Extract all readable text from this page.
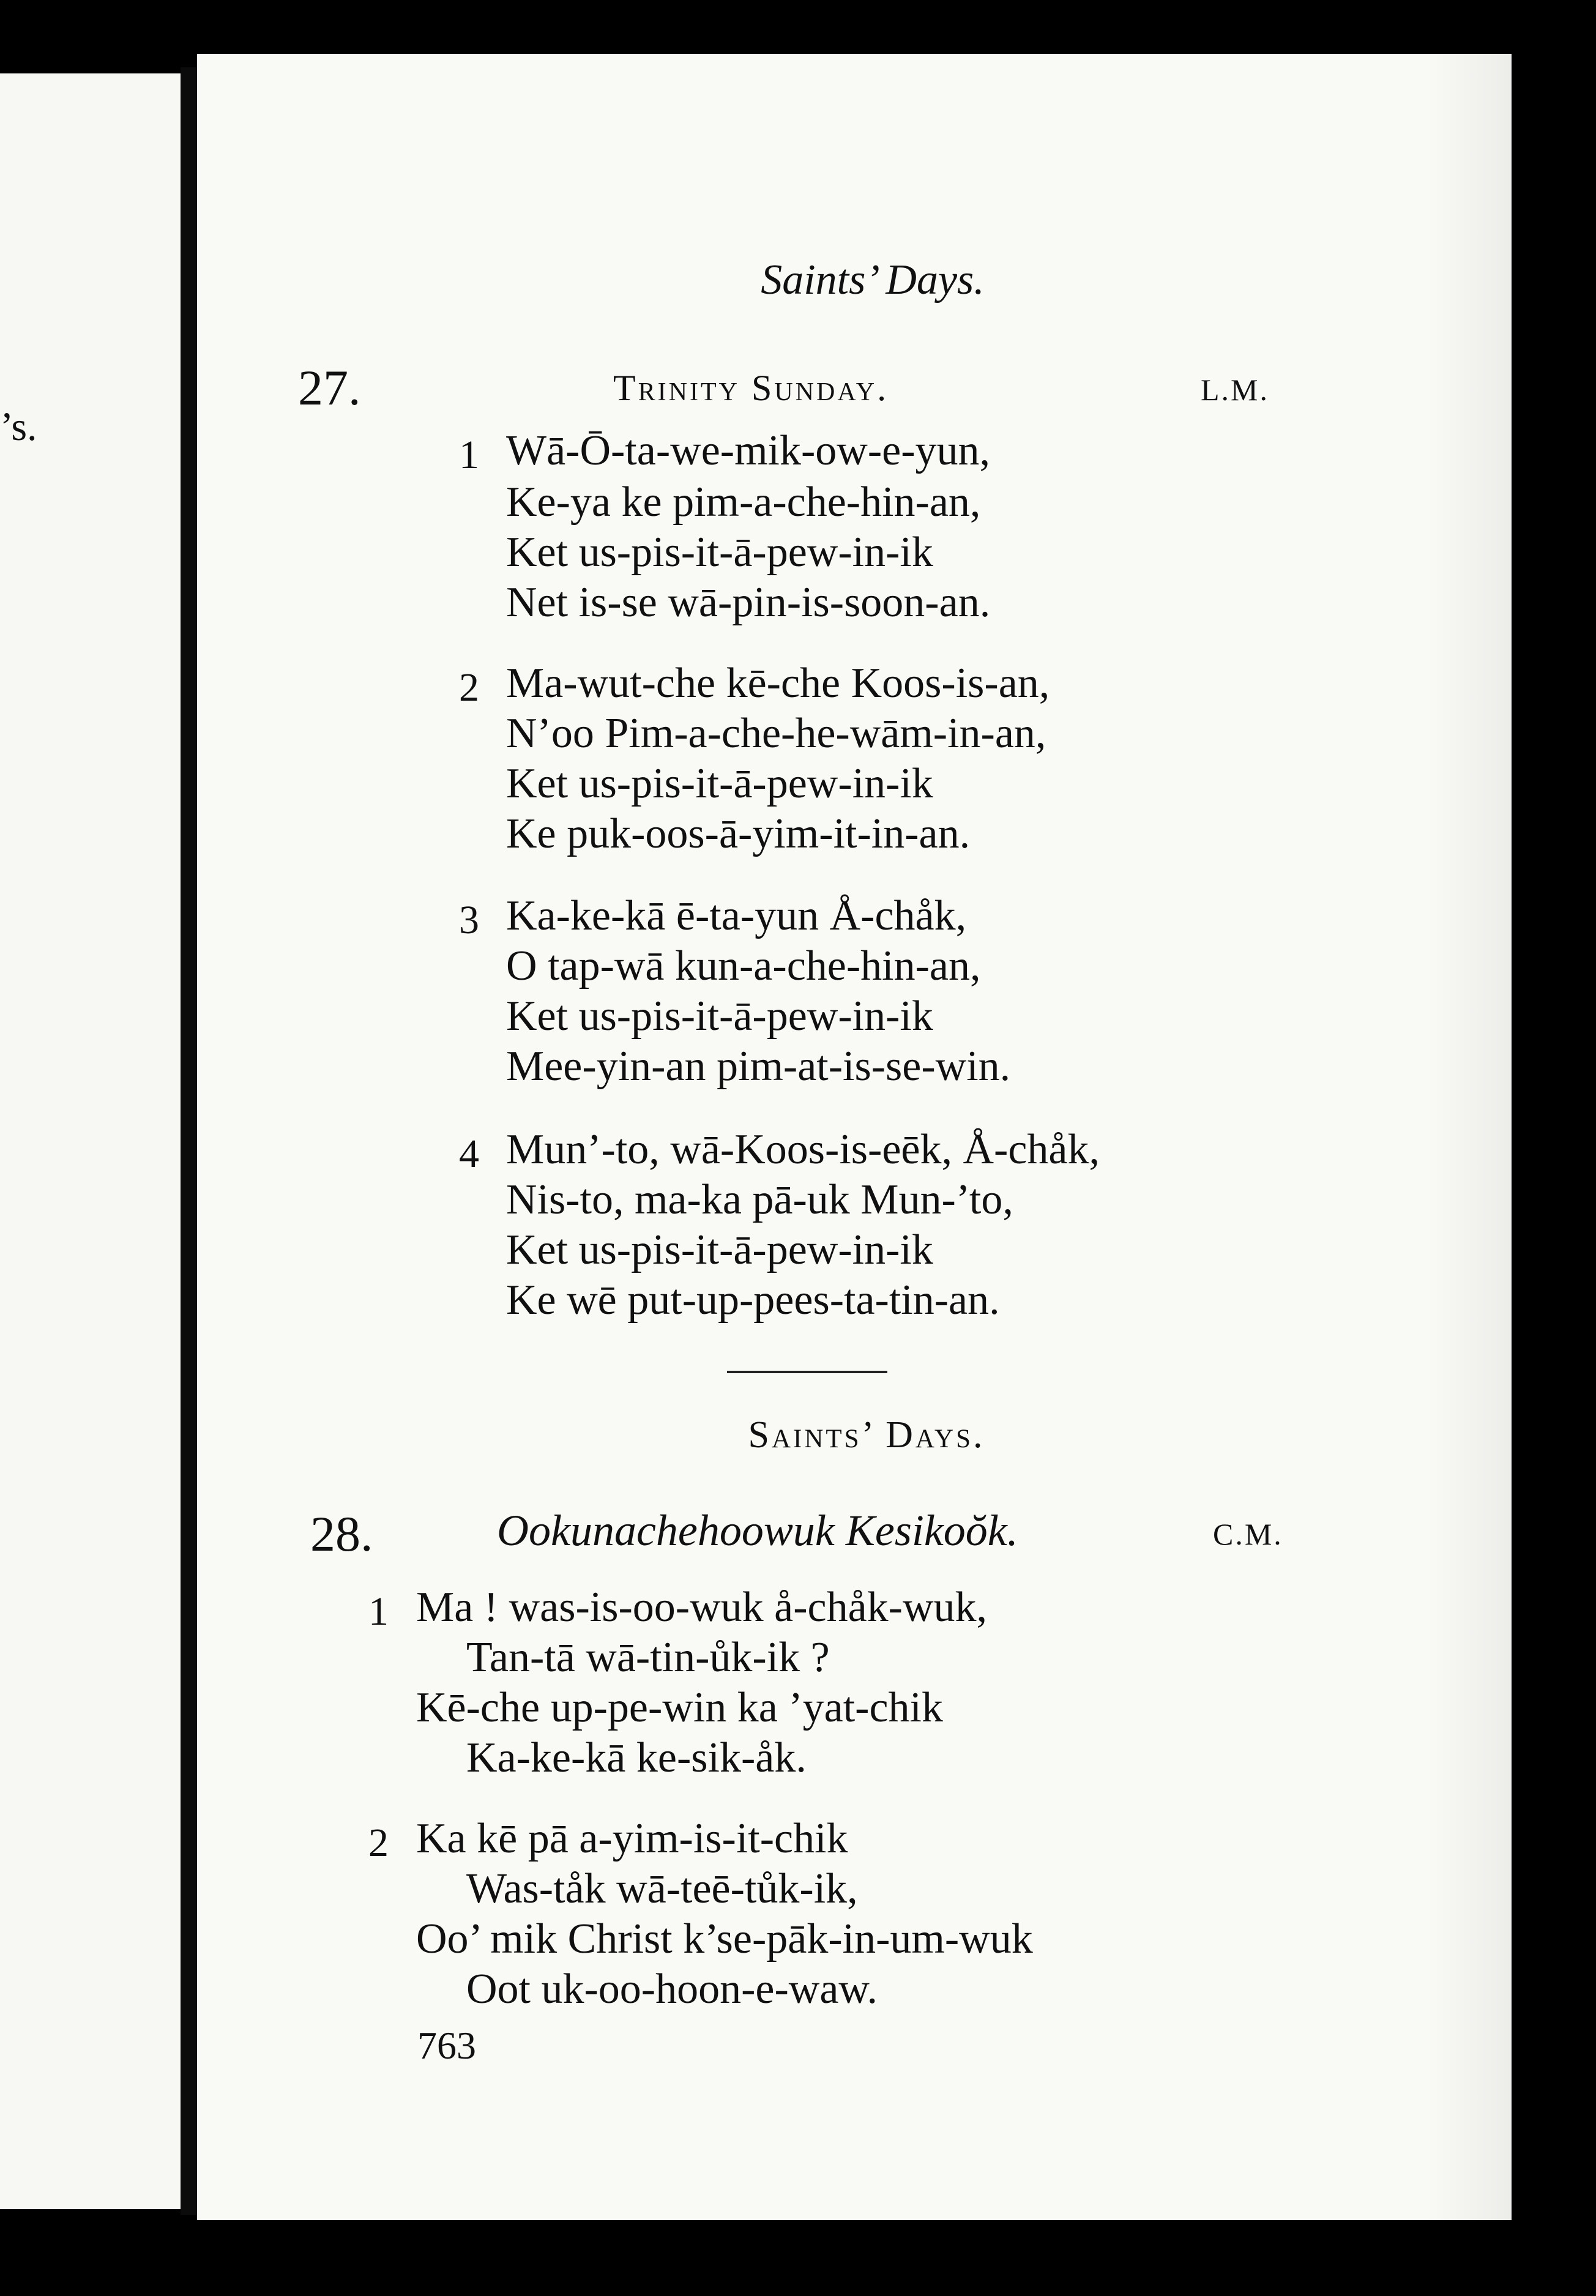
’s.
Saints’ Days.
27.	Trinity Sunday.	L.M.
1 Wā-Ō-ta-we-mik-ow-e-yun,
Ke-ya ke pim-a-che-hin-an,
Ket us-pis-it-ā-pew-in-ik
Net is-se wā-pin-is-soon-an.
2 Ma-wut-che kē-che Koos-is-an,
N’oo Pim-a-che-he-wām-in-an,
Ket us-pis-it-ā-pew-in-ik
Ke puk-oos-ā-yim-it-in-an.
3 Ka-ke-kā ē-ta-yun Å-chåk,
O tap-wā kun-a-che-hin-an,
Ket us-pis-it-ā-pew-in-ik
Mee-yin-an pim-at-is-se-win.
4 Mun’-to, wā-Koos-is-eēk, Å-chåk,
Nis-to, ma-ka pā-uk Mun-’to,
Ket us-pis-it-ā-pew-in-ik
Ke wē put-up-pees-ta-tin-an.
Saints’ Days.
28.	Ookunachehoowuk Kesikoŏk.	C.M.
1 Ma ! was-is-oo-wuk å-chåk-wuk,
Tan-tā wā-tin-ůk-ik ?
Kē-che up-pe-win ka ’yat-chik
Ka-ke-kā ke-sik-åk.
2 Ka kē pā a-yim-is-it-chik
Was-tåk wā-teē-tůk-ik,
Oo’ mik Christ k’se-pāk-in-um-wuk
Oot uk-oo-hoon-e-waw.
763
